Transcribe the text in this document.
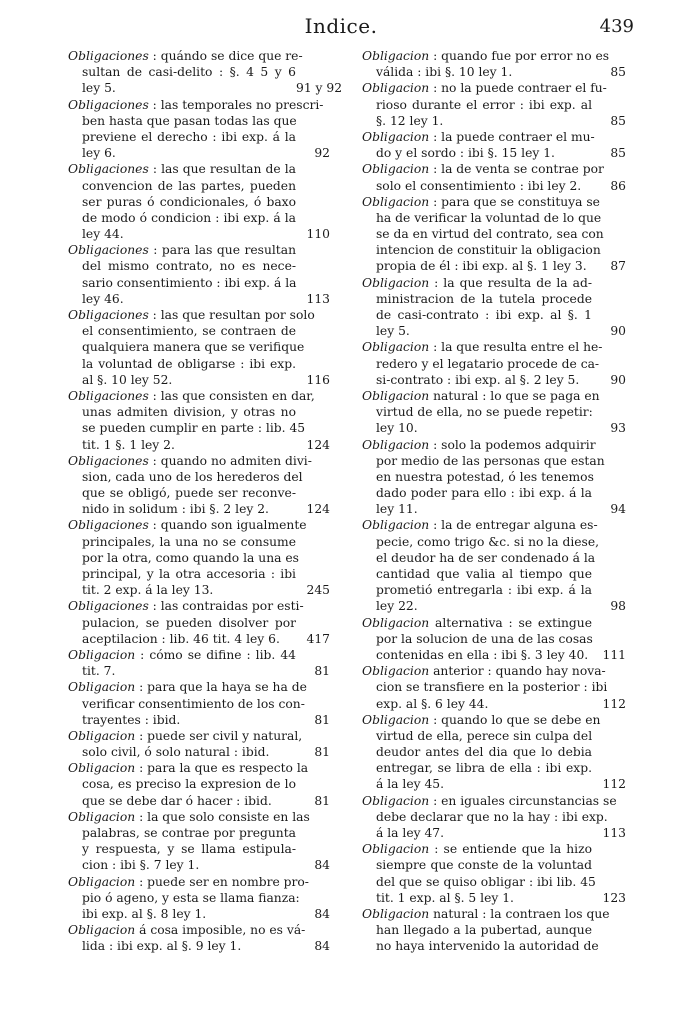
Indice.	439
Obligaciones : quándo se dice que re-
sultan de casi-delito : §. 4 5 y 6
ley 5.	91 y 92
Obligaciones : las temporales no prescri-
ben hasta que pasan todas las que
previene el derecho : ibi exp. á la
ley 6.	92
Obligaciones : las que resultan de la
convencion de las partes, pueden
ser puras ó condicionales, ó baxo
de modo ó condicion : ibi exp. á la
ley 44.	110
Obligaciones : para las que resultan
del mismo contrato, no es nece-
sario consentimiento : ibi exp. á la
ley 46.	113
Obligaciones : las que resultan por solo
el consentimiento, se contraen de
qualquiera manera que se verifique
la voluntad de obligarse : ibi exp.
al §. 10 ley 52.	116
Obligaciones : las que consisten en dar,
unas admiten division, y otras no
se pueden cumplir en parte : lib. 45
tit. 1 §. 1 ley 2.	124
Obligaciones : quando no admiten divi-
sion, cada uno de los herederos del
que se obligó, puede ser reconve-
nido in solidum : ibi §. 2 ley 2.	124
Obligaciones : quando son igualmente
principales, la una no se consume
por la otra, como quando la una es
principal, y la otra accesoria : ibi
tit. 2 exp. á la ley 13.	245
Obligaciones : las contraidas por esti-
pulacion, se pueden disolver por
aceptilacion : lib. 46 tit. 4 ley 6.	417
Obligacion : cómo se difine : lib. 44
tit. 7.	81
Obligacion : para que la haya se ha de
verificar consentimiento de los con-
trayentes : ibid.	81
Obligacion : puede ser civil y natural,
solo civil, ó solo natural : ibid.	81
Obligacion : para la que es respecto la
cosa, es preciso la expresion de lo
que se debe dar ó hacer : ibid.	81
Obligacion : la que solo consiste en las
palabras, se contrae por pregunta
y respuesta, y se llama estipula-
cion : ibi §. 7 ley 1.	84
Obligacion : puede ser en nombre pro-
pio ó ageno, y esta se llama fianza:
ibi exp. al §. 8 ley 1.	84
Obligacion á cosa imposible, no es vá-
lida : ibi exp. al §. 9 ley 1.	84
Obligacion : quando fue por error no es
válida : ibi §. 10 ley 1.	85
Obligacion : no la puede contraer el fu-
rioso durante el error : ibi exp. al
§. 12 ley 1.	85
Obligacion : la puede contraer el mu-
do y el sordo : ibi §. 15 ley 1.	85
Obligacion : la de venta se contrae por
solo el consentimiento : ibi ley 2.	86
Obligacion : para que se constituya se
ha de verificar la voluntad de lo que
se da en virtud del contrato, sea con
intencion de constituir la obligacion
propia de él : ibi exp. al §. 1 ley 3.	87
Obligacion : la que resulta de la ad-
ministracion de la tutela procede
de casi-contrato : ibi exp. al §. 1
ley 5.	90
Obligacion : la que resulta entre el he-
redero y el legatario procede de ca-
si-contrato : ibi exp. al §. 2 ley 5.	90
Obligacion natural : lo que se paga en
virtud de ella, no se puede repetir:
ley 10.	93
Obligacion : solo la podemos adquirir
por medio de las personas que estan
en nuestra potestad, ó les tenemos
dado poder para ello : ibi exp. á la
ley 11.	94
Obligacion : la de entregar alguna es-
pecie, como trigo &c. si no la diese,
el deudor ha de ser condenado á la
cantidad que valia al tiempo que
prometió entregarla : ibi exp. á la
ley 22.	98
Obligacion alternativa : se extingue
por la solucion de una de las cosas
contenidas en ella : ibi §. 3 ley 40.	111
Obligacion anterior : quando hay nova-
cion se transfiere en la posterior : ibi
exp. al §. 6 ley 44.	112
Obligacion : quando lo que se debe en
virtud de ella, perece sin culpa del
deudor antes del dia que lo debia
entregar, se libra de ella : ibi exp.
á la ley 45.	112
Obligacion : en iguales circunstancias se
debe declarar que no la hay : ibi exp.
á la ley 47.	113
Obligacion : se entiende que la hizo
siempre que conste de la voluntad
del que se quiso obligar : ibi lib. 45
tit. 1 exp. al §. 5 ley 1.	123
Obligacion natural : la contraen los que
han llegado a la pubertad, aunque
no haya intervenido la autoridad de
